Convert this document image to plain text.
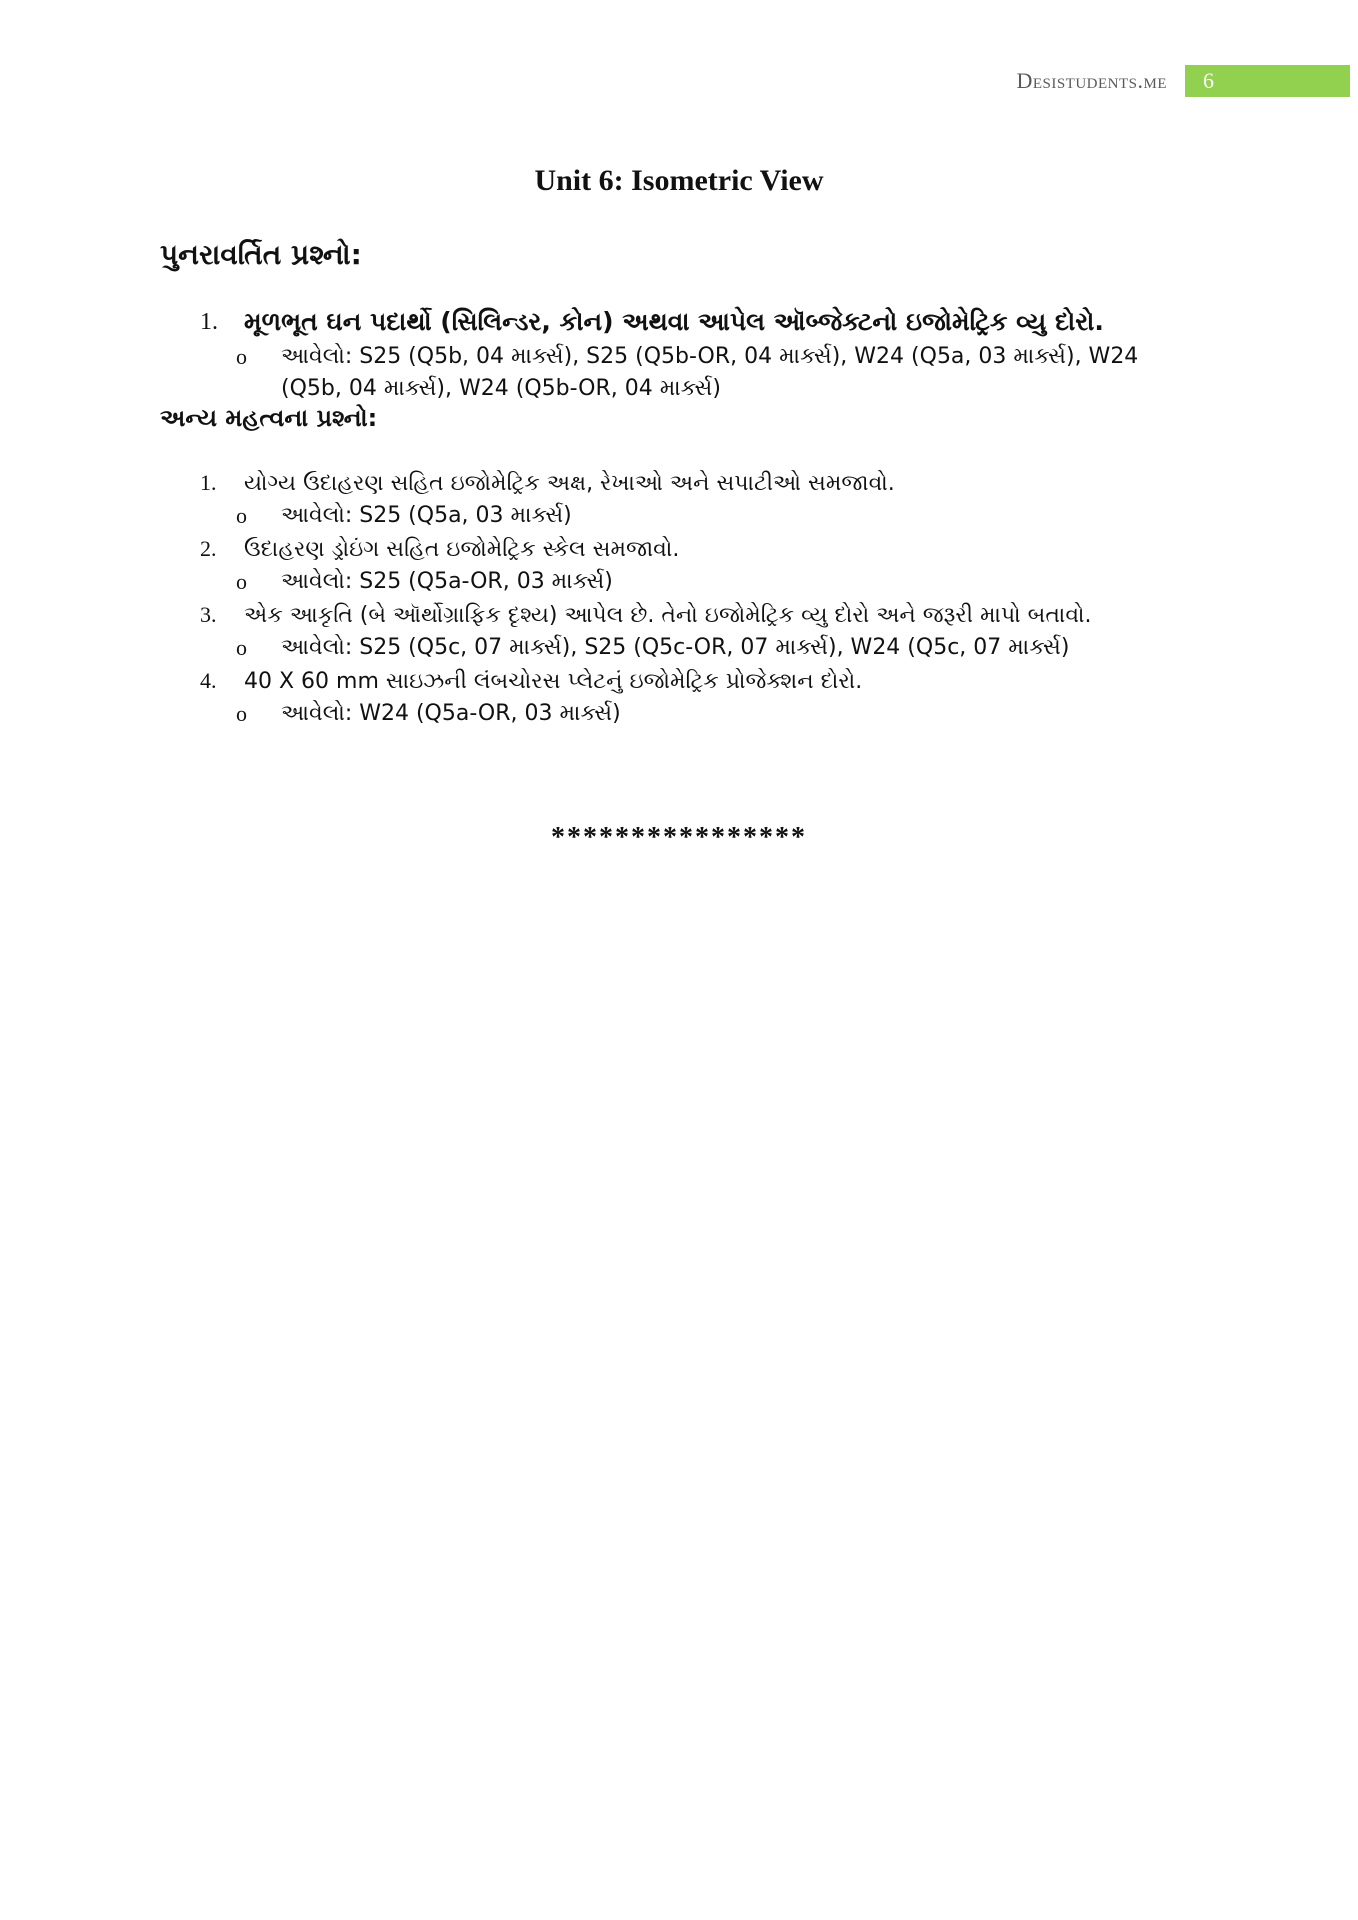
Desistudents.me 6
Unit 6: Isometric View
પુનરાવર્તિત પ્રશ્નો:
1. મૂળભૂત ઘન પદાર્થો (સિલિન્ડર, કોન) અથવા આપેલ ઑબ્જેક્ટનો ઇજોમેટ્રિક વ્યુ દોરો.
o આવેલો: S25 (Q5b, 04 માર્ક્સ), S25 (Q5b-OR, 04 માર્ક્સ), W24 (Q5a, 03 માર્ક્સ), W24 (Q5b, 04 માર્ક્સ), W24 (Q5b-OR, 04 માર્ક્સ)
અન્ય મહત્વના પ્રશ્નો:
1. યોગ્ય ઉદાહરણ સહિત ઇજોમેટ્રિક અક્ષ, રેખાઓ અને સપાટીઓ સમજાવો.
o આવેલો: S25 (Q5a, 03 માર્ક્સ)
2. ઉદાહરણ ડ્રોઇંગ સહિત ઇજોમેટ્રિક સ્કેલ સમજાવો.
o આવેલો: S25 (Q5a-OR, 03 માર્ક્સ)
3. એક આકૃતિ (બે ઑર્થોગ્રાફિક દૃશ્ય) આપેલ છે. તેનો ઇજોમેટ્રિક વ્યુ દોરો અને જરૂરી માપો બતાવો.
o આવેલો: S25 (Q5c, 07 માર્ક્સ), S25 (Q5c-OR, 07 માર્ક્સ), W24 (Q5c, 07 માર્ક્સ)
4. 40 X 60 mm સાઇઝની લંબચોરસ પ્લેટનું ઇજોમેટ્રિક પ્રોજેક્શન દોરો.
o આવેલો: W24 (Q5a-OR, 03 માર્ક્સ)
****************
